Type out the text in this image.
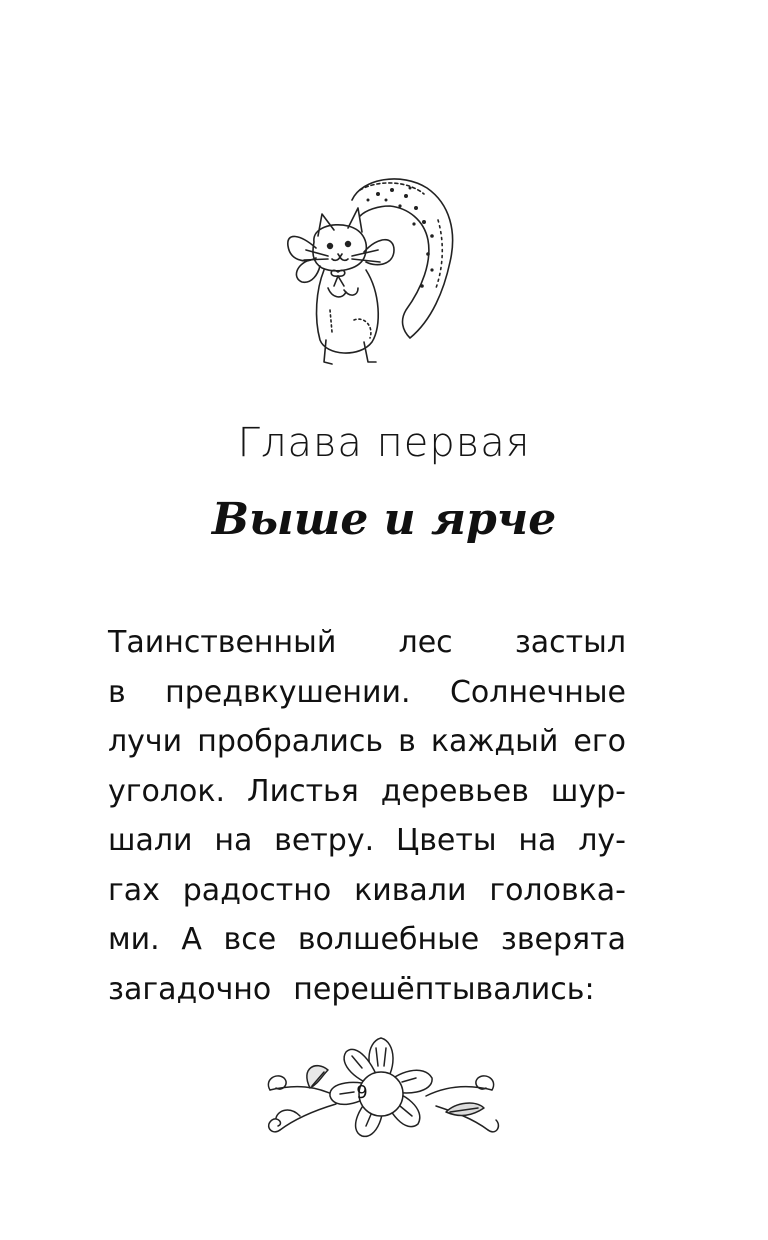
Глава первая
Выше и ярче
Таинственный лес застыл
в предвкушении. Солнечные
лучи пробрались в каждый его
уголок. Листья деревьев шур-
шали на ветру. Цветы на лу-
гах радостно кивали головка-
ми. А все волшебные зверята
загадочно перешёптывались:
9
